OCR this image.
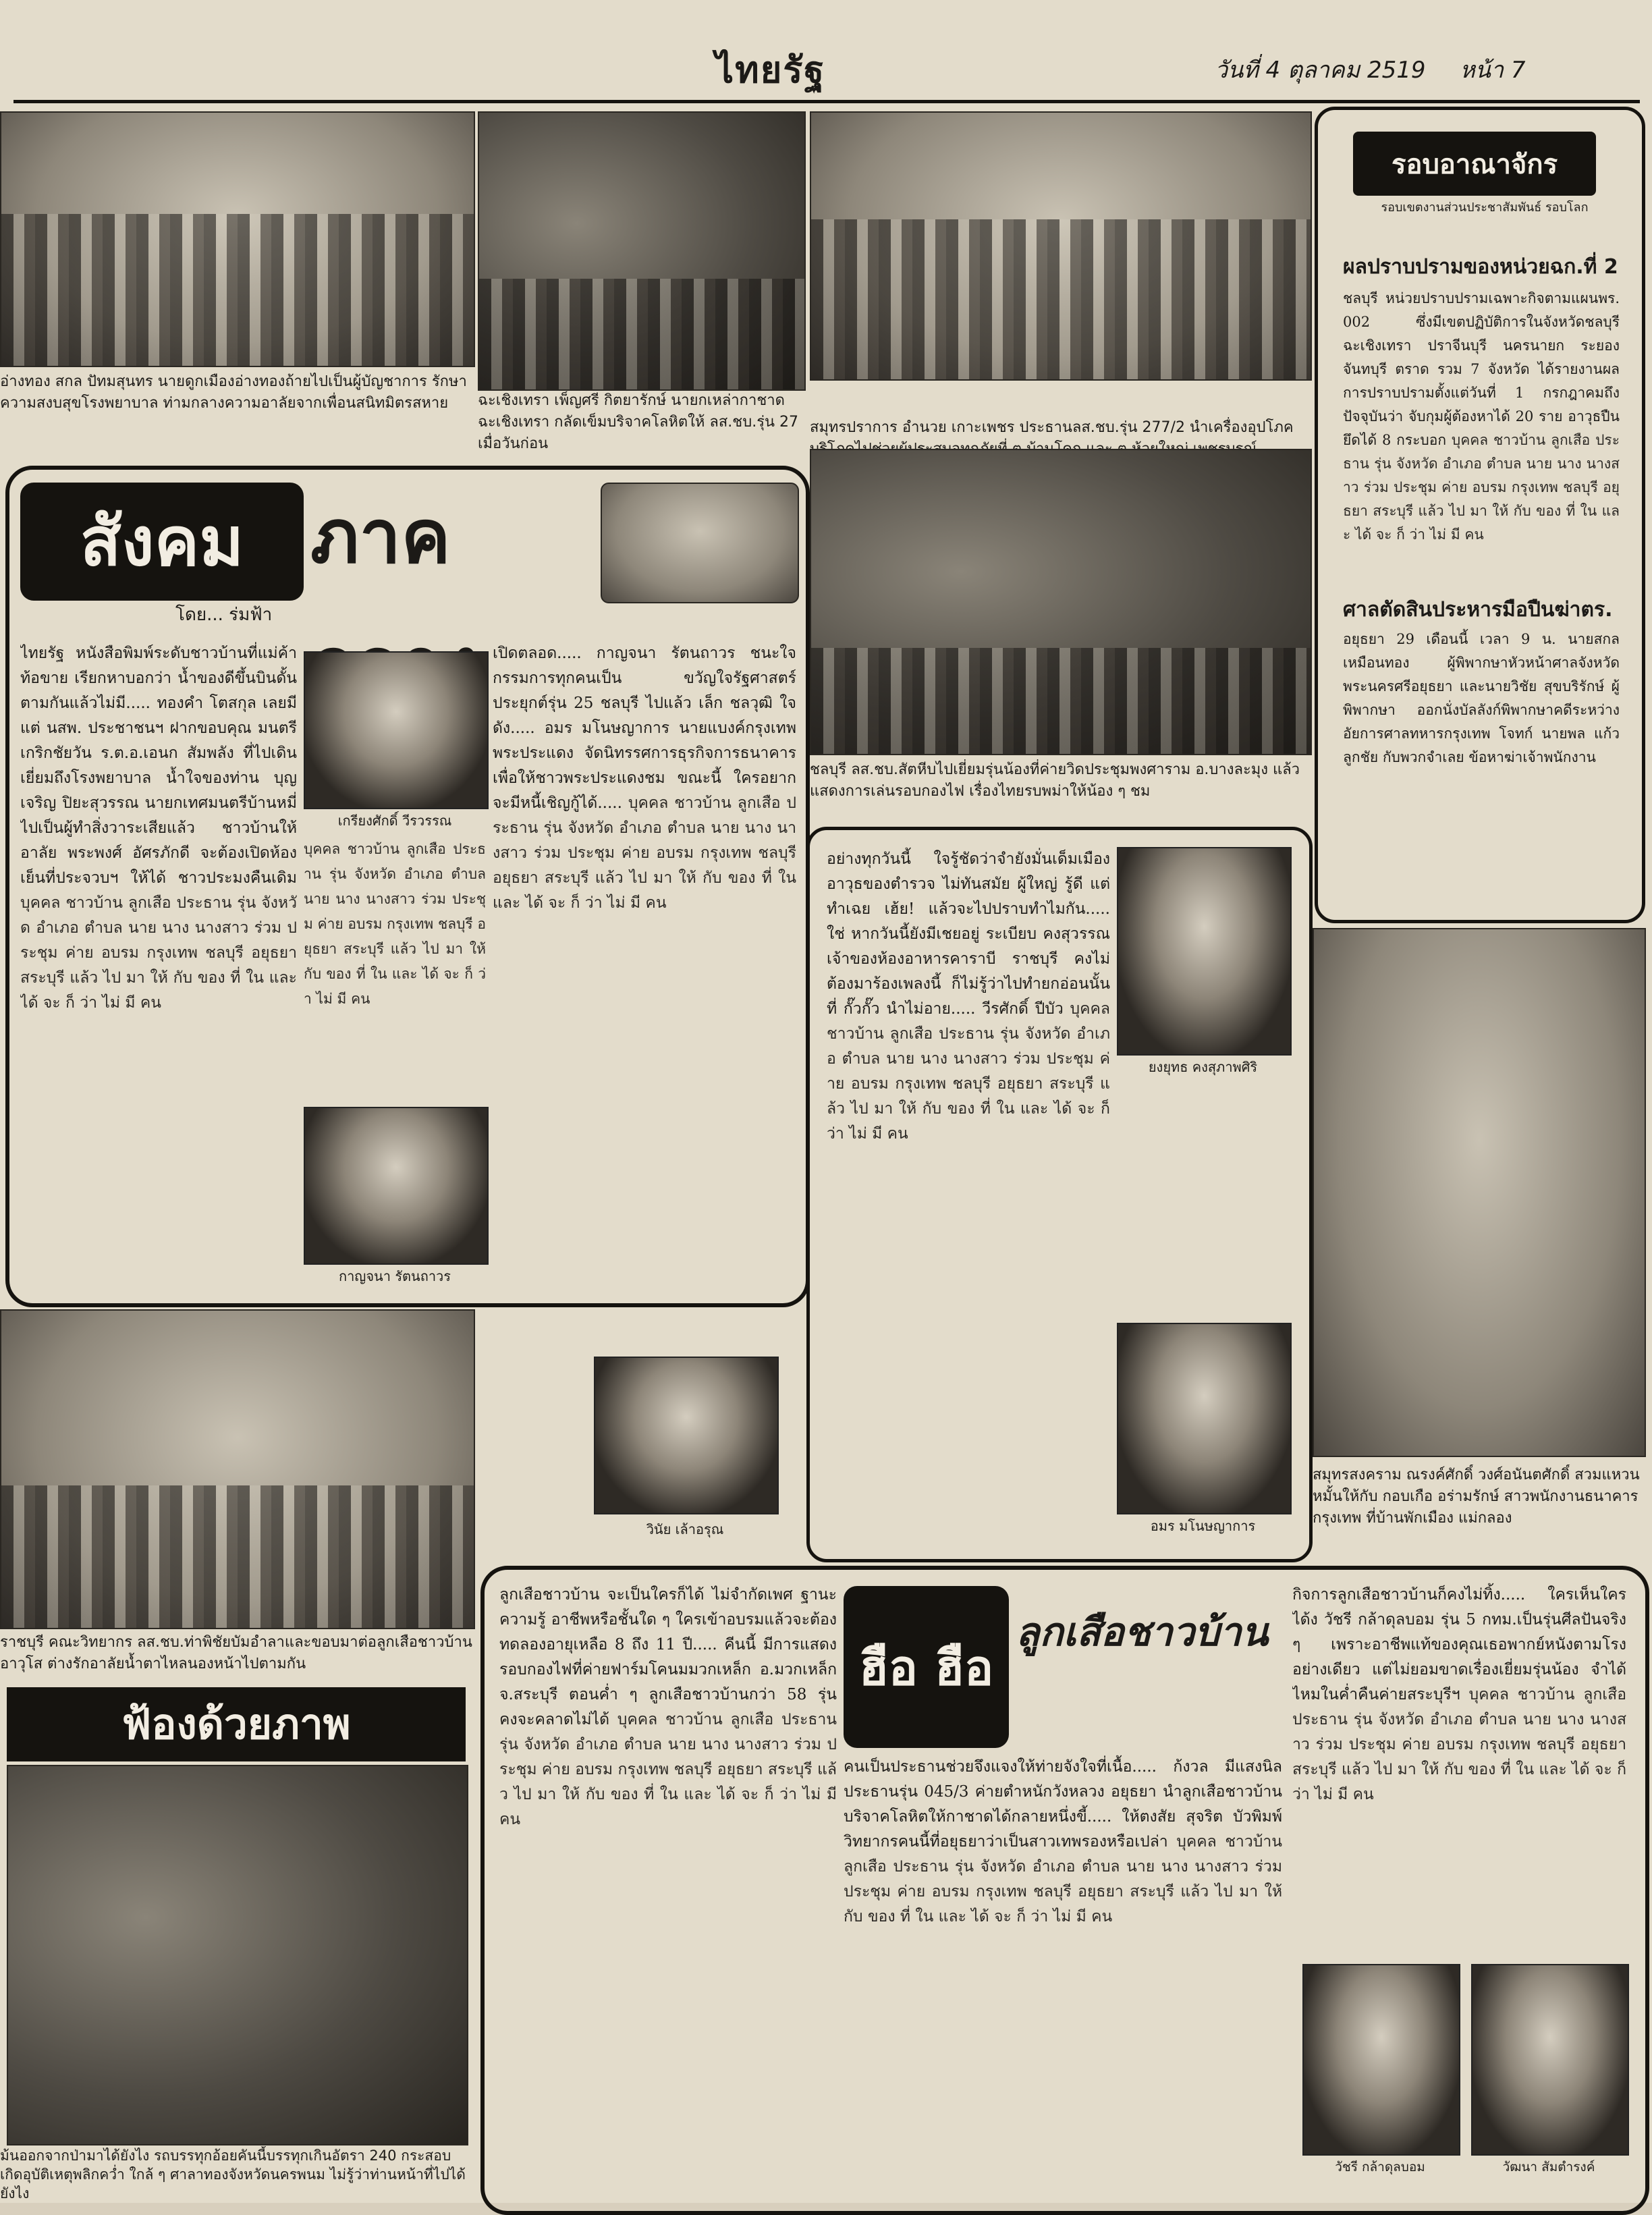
ไทยรัฐ	วันที่ 4 ตุลาคม 2519 หน้า 7
อ่างทอง สกล ปัทมสุนทร นายดูกเมืองอ่างทองถ้ายไปเป็นผู้บัญชาการ รักษาความสงบสุขโรงพยาบาล ท่ามกลางความอาลัยจากเพื่อนสนิทมิตรสหาย	ฉะเชิงเทรา เพ็ญศรี กิตยารักษ์ นายกเหล่ากาชาดฉะเชิงเทรา กลัดเข็มบริจาคโลหิตให้ ลส.ชบ.รุ่น 27 เมื่อวันก่อน
สมุทรปราการ อำนวย เกาะเพชร ประธานลส.ชบ.รุ่น 277/2 นำเครื่องอุปโภค
รอบอาณาจักร
รอบเขตงานส่วนประชาสัมพันธ์ รอบโลก
ผลปราบปรามของหน่วยฉก.ที่ 2
ชลบุรี หน่วยปราบปรามเฉพาะกิจตามแผนพร. 002 ซึ่งมีเขตปฏิบัติการในจังหวัดชลบุรี ฉะเชิงเทรา ปราจีนบุรี นครนายก ระยอง จันทบุรี ตราด รวม 7 จังหวัด ได้รายงานผลการปราบปรามตั้งแต่วันที่ 1 กรกฎาคมถึงปัจจุบันว่า จับกุมผู้ต้องหาได้ 20 ราย อาวุธปืนยึดได้ 8 กระบอก บุคคล ชาวบ้าน ลูกเสือ ประธาน รุ่น จังหวัด อำเภอ ตำบล นาย นาง นางสาว ร่วม ประชุม ค่าย อบรม กรุงเทพ ชลบุรี อยุธยา สระบุรี แล้ว ไป มา ให้ กับ ของ ที่ ใน และ ได้ จะ ก็ ว่า ไม่ มี คน
ศาลตัดสินประหารมือปืนฆ่าตร.
อยุธยา 29 เดือนนี้ เวลา 9 น. นายสกล เหมือนทอง ผู้พิพากษาหัวหน้าศาลจังหวัดพระนครศรีอยุธยา และนายวิชัย สุขบริรักษ์ ผู้พิพากษา ออกนั่งบัลลังก์พิพากษาคดีระหว่างอัยการศาลทหารกรุงเทพ โจทก์ นายพล แก้วลูกชัย กับพวกจำเลย ข้อหาฆ่าเจ้าพนักงาน
สังคม ภาค
โดย... ร่มฟ้า
ไทยรัฐ หนังสือพิมพ์ระดับชาวบ้านที่แม่ค้าท้อขาย เรียกหาบอกว่า น้ำของดีขึ้นบินดั้นตามกันแล้วไม่มี..... ทองคำ โตสกุล เลยมีแต่ นสพ. ประชาชนฯ ฝากขอบคุณ มนตรี เกริกชัยวัน ร.ต.อ.เอนก สัมพลัง ที่ไปเดินเยี่ยมถึงโรงพยาบาล น้ำใจของท่าน บุญเจริญ ปิยะสุวรรณ นายกเทศมนตรีบ้านหมี่ ไปเป็นผู้ทำสิ่งวาระเสียแล้ว ชาวบ้านให้อาลัย พระพงศ์ อัศรภักดี จะต้องเปิดห้องเย็นที่ประจวบฯ ให้ได้ ชาวประมงคืนเดิม บุคคล ชาวบ้าน ลูกเสือ ประธาน รุ่น จังหวัด อำเภอ ตำบล นาย นาง นางสาว ร่วม ประชุม ค่าย อบรม กรุงเทพ ชลบุรี อยุธยา สระบุรี แล้ว ไป มา ให้ กับ ของ ที่ ใน และ ได้ จะ ก็ ว่า ไม่ มี คน
เกรียงศักดิ์ วีรวรรณ
บุคคล ชาวบ้าน ลูกเสือ ประธาน รุ่น จังหวัด อำเภอ ตำบล นาย นาง นางสาว ร่วม ประชุม ค่าย อบรม กรุงเทพ ชลบุรี อยุธยา สระบุรี แล้ว ไป มา ให้ กับ ของ ที่ ใน และ ได้ จะ ก็ ว่า ไม่ มี คน
กาญจนา รัตนถาวร
เปิดตลอด..... กาญจนา รัตนถาวร ชนะใจกรรมการทุกคนเป็น ขวัญใจรัฐศาสตร์ ประยุกต์รุ่น 25 ชลบุรี ไปแล้ว เล็ก ชลวุฒิ ใจดัง..... อมร มโนษญาการ นายแบงค์กรุงเทพ พระประแดง จัดนิทรรศการธุรกิจการธนาคาร เพื่อให้ชาวพระประแดงชม ขณะนี้ ใครอยากจะมีหนี้เชิญกู้ได้..... บุคคล ชาวบ้าน ลูกเสือ ประธาน รุ่น จังหวัด อำเภอ ตำบล นาย นาง นางสาว ร่วม ประชุม ค่าย อบรม กรุงเทพ ชลบุรี อยุธยา สระบุรี แล้ว ไป มา ให้ กับ ของ ที่ ใน และ ได้ จะ ก็ ว่า ไม่ มี คน
ชลบุรี ลส.ชบ.สัตหีบไปเยี่ยมรุ่นน้องที่ค่ายวิดประชุมพงศาราม อ.บางละมุง แล้วแสดงการเล่นรอบกองไฟ เรื่องไทยรบพม่าให้น้อง ๆ ชม
อย่างทุกวันนี้ ใจรู้ชัดว่าจำยังมั่นเด็มเมือง อาวุธของตำรวจ ไม่ทันสมัย ผู้ใหญ่ รู้ดี แต่ทำเฉย เฮ้ย! แล้วจะไปปราบทำไมกัน..... ใช่ หากวันนี้ยังมีเชยอยู่ ระเบียบ คงสุวรรณ เจ้าของห้องอาหารคาราบี ราชบุรี คงไม่ต้องมาร้องเพลงนี้ ก็ไม่รู้ว่าไปทำยกอ่อนนั้นที่ กั๊วกั๊ว นำไม่อาย..... วีรศักดิ์ ปีบัว บุคคล ชาวบ้าน ลูกเสือ ประธาน รุ่น จังหวัด อำเภอ ตำบล นาย นาง นางสาว ร่วม ประชุม ค่าย อบรม กรุงเทพ ชลบุรี อยุธยา สระบุรี แล้ว ไป มา ให้ กับ ของ ที่ ใน และ ได้ จะ ก็ ว่า ไม่ มี คน
ยงยุทธ คงสุภาพศิริ
อมร มโนษญาการ
วินัย เล้าอรุณ
ราชบุรี คณะวิทยากร ลส.ชบ.ท่าพิชัยบัมอำลาและขอบมาต่อลูกเสือชาวบ้านอาวุโส ต่างรักอาลัยน้ำตาไหลนองหน้าไปตามกัน
สมุทรสงคราม ณรงค์ศักดิ์ วงศ์อนันตศักดิ์ สวมแหวนหมั้นให้กับ กอบเกือ อร่ามรักษ์ สาวพนักงานธนาคารกรุงเทพ ที่บ้านพักเมือง แม่กลอง
ฟ้องด้วยภาพ
ม้นออกจากป่ามาได้ยังไง รถบรรทุกอ้อยคันนี้บรรทุกเกินอัตรา 240 กระสอบ เกิดอุบัติเหตุพลิกคว่ำ ใกล้ ๆ ศาลาทองจังหวัดนครพนม ไม่รู้ว่าท่านหน้าที่ไปได้ยังไง
ลูกเสือชาวบ้าน จะเป็นใครก็ได้ ไม่จำกัดเพศ ฐานะความรู้ อาชีพหรือชั้นใด ๆ ใครเข้าอบรมแล้วจะต้องทดลองอายุเหลือ 8 ถึง 11 ปี..... คีนนี้ มีการแสดงรอบกองไฟที่ค่ายฟาร์มโคนมมวกเหล็ก อ.มวกเหล็ก จ.สระบุรี ตอนค่ำ ๆ ลูกเสือชาวบ้านกว่า 58 รุ่น คงจะคลาดไม่ได้ บุคคล ชาวบ้าน ลูกเสือ ประธาน รุ่น จังหวัด อำเภอ ตำบล นาย นาง นางสาว ร่วม ประชุม ค่าย อบรม กรุงเทพ ชลบุรี อยุธยา สระบุรี แล้ว ไป มา ให้ กับ ของ ที่ ใน และ ได้ จะ ก็ ว่า ไม่ มี คน
ฮือ ฮือ
ลูกเสือชาวบ้าน
คนเป็นประธานช่วยจึงแจงให้ท่ายจังใจที่เนื้อ..... ก้งวล มีแสงนิล ประธานรุ่น 045/3 ค่ายตำหนักวังหลวง อยุธยา นำลูกเสือชาวบ้านบริจาคโลหิตให้กาชาดได้กลายหนึ่งขี้..... ให้ตงสัย สุจริต บัวพิมพ์ วิทยากรคนนี้ที่อยุธยาว่าเป็นสาวเทพรองหรือเปล่า บุคคล ชาวบ้าน ลูกเสือ ประธาน รุ่น จังหวัด อำเภอ ตำบล นาย นาง นางสาว ร่วม ประชุม ค่าย อบรม กรุงเทพ ชลบุรี อยุธยา สระบุรี แล้ว ไป มา ให้ กับ ของ ที่ ใน และ ได้ จะ ก็ ว่า ไม่ มี คน
กิจการลูกเสือชาวบ้านก็คงไม่ทิ้ง..... ใครเห็นใครได้ง วัชรี กล้าดุลบอม รุ่น 5 กทม.เป็นรุ่นศีลปันจริง ๆ เพราะอาชีพแท้ของคุณเธอพากย์หนังตามโรงอย่างเดียว แต่ไม่ยอมขาดเรื่องเยี่ยมรุ่นน้อง จำได้ไหมในค่ำคืนค่ายสระบุรีฯ บุคคล ชาวบ้าน ลูกเสือ ประธาน รุ่น จังหวัด อำเภอ ตำบล นาย นาง นางสาว ร่วม ประชุม ค่าย อบรม กรุงเทพ ชลบุรี อยุธยา สระบุรี แล้ว ไป มา ให้ กับ ของ ที่ ใน และ ได้ จะ ก็ ว่า ไม่ มี คน
วัชรี กล้าดุลบอม	วัฒนา สัมตำรงค์
